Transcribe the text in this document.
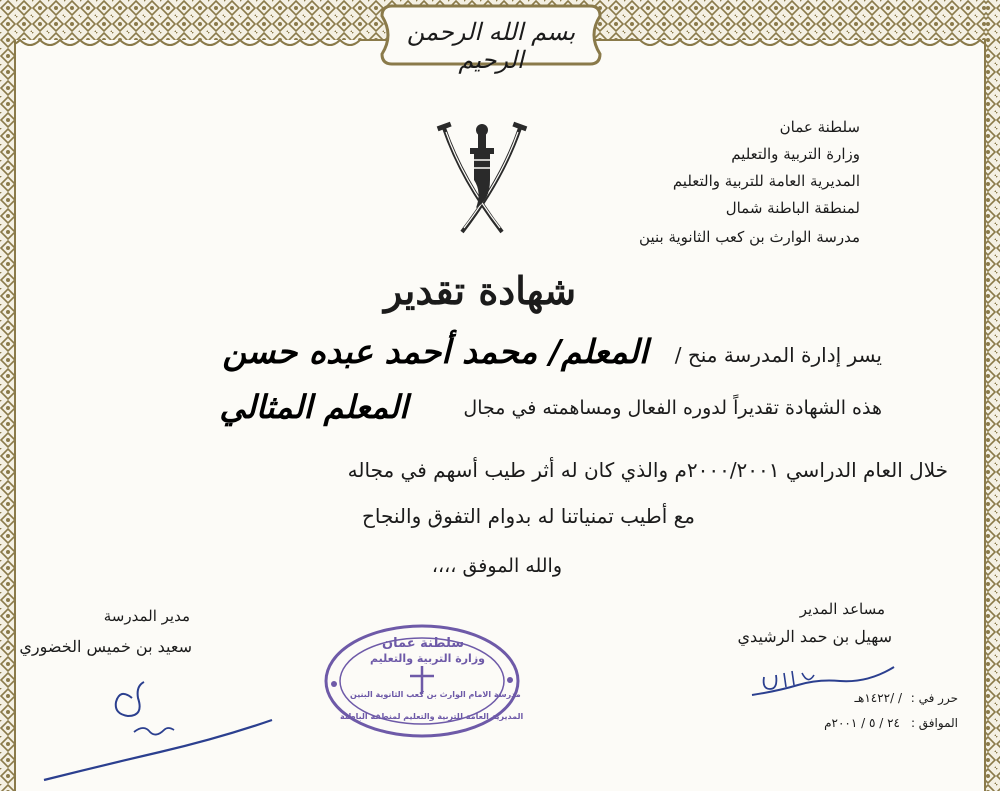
بسم الله الرحمن الرحيم
سلطنة عمان
وزارة التربية والتعليم
المديرية العامة للتربية والتعليم
لمنطقة الباطنة شمال
مدرسة الوارث بن كعب الثانوية بنين
شهادة تقدير
يسر إدارة المدرسة منح /
المعلم/ محمد أحمد عبده حسن
هذه الشهادة تقديراً لدوره الفعال ومساهمته في مجال
المعلم المثالي
خلال العام الدراسي ٢٠٠٠/٢٠٠١م والذي كان له أثر طيب أسهم في مجاله
مع أطيب تمنياتنا له بدوام التفوق والنجاح
والله الموفق ،،،،
مدير المدرسة
سعيد بن خميس الخضوري
مساعد المدير
سهيل بن حمد الرشيدي
سلطنة عمان
وزارة التربية والتعليم
مدرسة الامام الوارث بن كعب الثانوية البنين
المديرية العامة للتربية والتعليم لمنطقة الباطنة
حرر في :
/ /١٤٢٢هـ
الموافق :
٢٤ / ٥ / ٢٠٠١م
